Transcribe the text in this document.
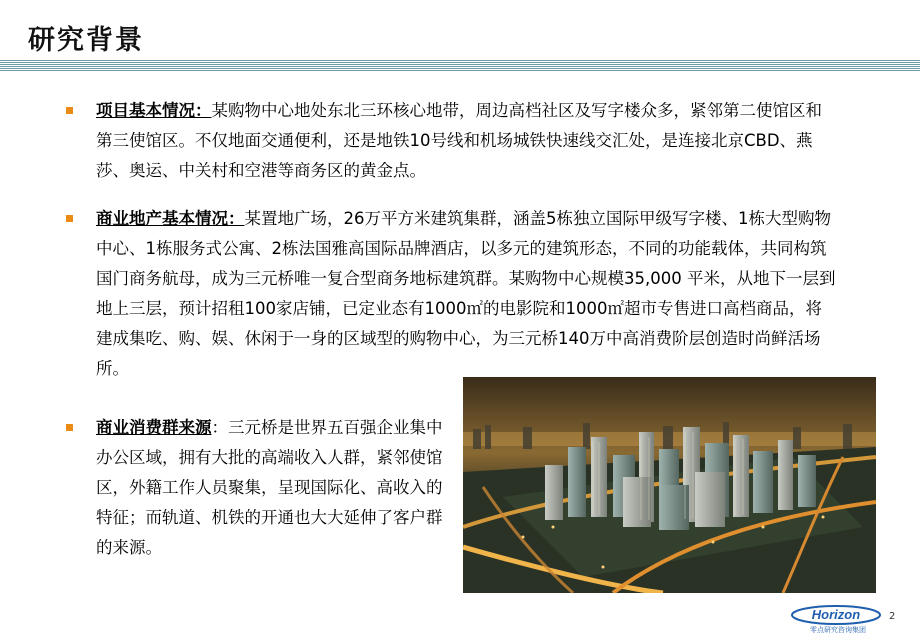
研究背景
项目基本情况：某购物中心地处东北三环核心地带，周边高档社区及写字楼众多，紧邻第二使馆区和第三使馆区。不仅地面交通便利，还是地铁10号线和机场城铁快速线交汇处，是连接北京CBD、燕莎、奥运、中关村和空港等商务区的黄金点。
商业地产基本情况：某置地广场，26万平方米建筑集群，涵盖5栋独立国际甲级写字楼、1栋大型购物中心、1栋服务式公寓、2栋法国雅高国际品牌酒店，以多元的建筑形态，不同的功能载体，共同构筑国门商务航母，成为三元桥唯一复合型商务地标建筑群。某购物中心规模35,000 平米，从地下一层到地上三层，预计招租100家店铺，已定业态有1000㎡的电影院和1000㎡超市专售进口高档商品，将建成集吃、购、娱、休闲于一身的区域型的购物中心，为三元桥140万中高消费阶层创造时尚鲜活场所。
商业消费群来源：三元桥是世界五百强企业集中办公区域，拥有大批的高端收入人群，紧邻使馆区，外籍工作人员聚集，呈现国际化、高收入的特征；而轨道、机铁的开通也大大延伸了客户群的来源。
Horizon
零点研究咨询集团
2
